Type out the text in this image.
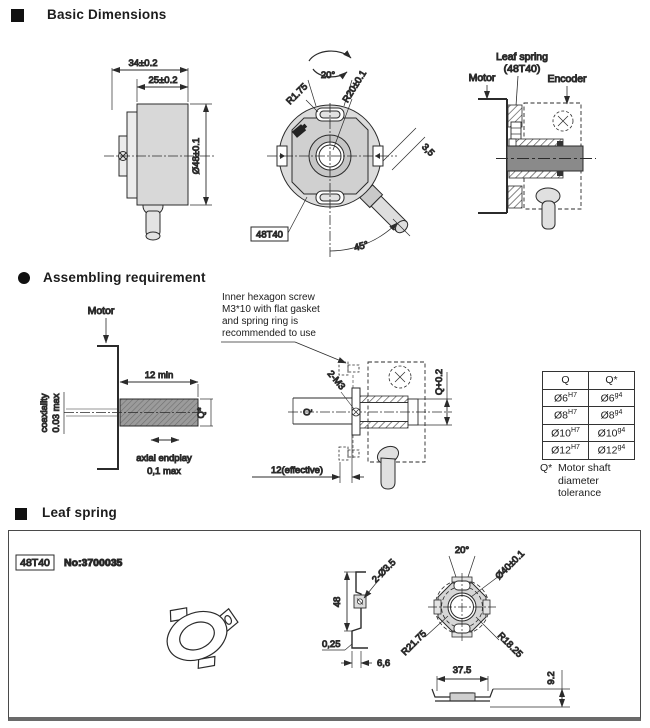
34±0.2
25±0.2
Ø48±0.1
20°
R1.75	R20±0.1
3,5
45°
48T40
Motor
Leaf spring
(48T40)
Encoder
Motor
12 min
Q*
coaxiality 0.03 max
axial endplay
0,1 max
2-M3
Q
Q+0.2
12(effective)
48T40 No:3700035
48
2-Ø3.5
0,25
6,6
20°	Ø40±0.1
R21.75	R18.25
37.5
9.2
Basic Dimensions
Assembling requirement
Inner hexagon screw
M3*10 with flat gasket
and spring ring is
recommended to use
Q	Q*
$Ø6^{H7}$	$Ø6^{g4}$
$Ø8^{H7}$	$Ø8^{g4}$
$Ø10^{H7}$	$Ø10^{g4}$
$Ø12^{H7}$	$Ø12^{g4}$
Q* Motor shaft
diameter
tolerance
Leaf spring
